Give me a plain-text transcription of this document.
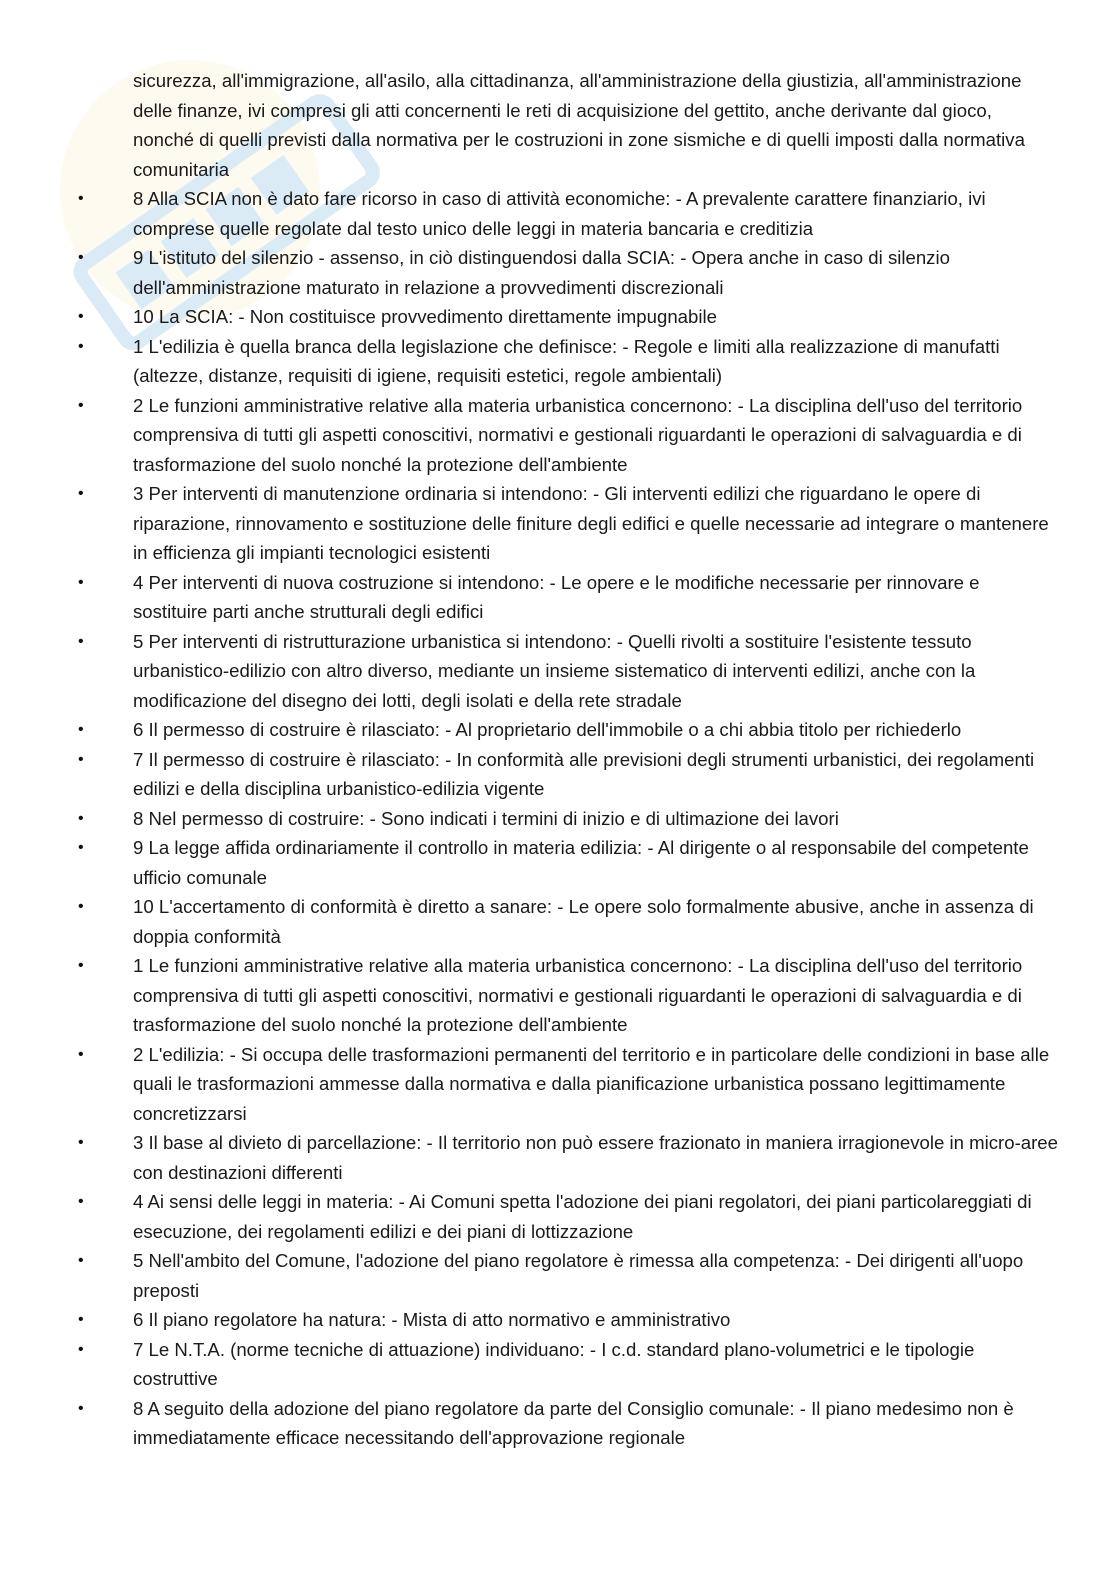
sicurezza, all'immigrazione, all'asilo, alla cittadinanza, all'amministrazione della giustizia, all'amministrazione delle finanze, ivi compresi gli atti concernenti le reti di acquisizione del gettito, anche derivante dal gioco, nonché di quelli previsti dalla normativa per le costruzioni in zone sismiche e di quelli imposti dalla normativa comunitaria

•	8 Alla SCIA non è dato fare ricorso in caso di attività economiche: - A prevalente carattere finanziario, ivi comprese quelle regolate dal testo unico delle leggi in materia bancaria e creditizia

•	9 L'istituto del silenzio - assenso, in ciò distinguendosi dalla SCIA: - Opera anche in caso di silenzio dell'amministrazione maturato in relazione a provvedimenti discrezionali

•	10 La SCIA: - Non costituisce provvedimento direttamente impugnabile

•	1 L'edilizia è quella branca della legislazione che definisce: - Regole e limiti alla realizzazione di manufatti (altezze, distanze, requisiti di igiene, requisiti estetici, regole ambientali)

•	2 Le funzioni amministrative relative alla materia urbanistica concernono: - La disciplina dell'uso del territorio comprensiva di tutti gli aspetti conoscitivi, normativi e gestionali riguardanti le operazioni di salvaguardia e di trasformazione del suolo nonché la protezione dell'ambiente

•	3 Per interventi di manutenzione ordinaria si intendono: - Gli interventi edilizi che riguardano le opere di riparazione, rinnovamento e sostituzione delle finiture degli edifici e quelle necessarie ad integrare o mantenere in efficienza gli impianti tecnologici esistenti

•	4 Per interventi di nuova costruzione si intendono: - Le opere e le modifiche necessarie per rinnovare e sostituire parti anche strutturali degli edifici

•	5 Per interventi di ristrutturazione urbanistica si intendono: - Quelli rivolti a sostituire l'esistente tessuto urbanistico-edilizio con altro diverso, mediante un insieme sistematico di interventi edilizi, anche con la modificazione del disegno dei lotti, degli isolati e della rete stradale

•	6 Il permesso di costruire è rilasciato: - Al proprietario dell'immobile o a chi abbia titolo per richiederlo

•	7 Il permesso di costruire è rilasciato: - In conformità alle previsioni degli strumenti urbanistici, dei regolamenti edilizi e della disciplina urbanistico-edilizia vigente

•	8 Nel permesso di costruire: - Sono indicati i termini di inizio e di ultimazione dei lavori

•	9 La legge affida ordinariamente il controllo in materia edilizia: - Al dirigente o al responsabile del competente ufficio comunale

•	10 L'accertamento di conformità è diretto a sanare: - Le opere solo formalmente abusive, anche in assenza di doppia conformità

•	1 Le funzioni amministrative relative alla materia urbanistica concernono: - La disciplina dell'uso del territorio comprensiva di tutti gli aspetti conoscitivi, normativi e gestionali riguardanti le operazioni di salvaguardia e di trasformazione del suolo nonché la protezione dell'ambiente

•	2 L'edilizia: - Si occupa delle trasformazioni permanenti del territorio e in particolare delle condizioni in base alle quali le trasformazioni ammesse dalla normativa e dalla pianificazione urbanistica possano legittimamente concretizzarsi

•	3 Il base al divieto di parcellazione: - Il territorio non può essere frazionato in maniera irragionevole in micro-aree con destinazioni differenti

•	4 Ai sensi delle leggi in materia: - Ai Comuni spetta l'adozione dei piani regolatori, dei piani particolareggiati di esecuzione, dei regolamenti edilizi e dei piani di lottizzazione

•	5 Nell'ambito del Comune, l'adozione del piano regolatore è rimessa alla competenza: - Dei dirigenti all'uopo preposti

•	6 Il piano regolatore ha natura: - Mista di atto normativo e amministrativo

•	7 Le N.T.A. (norme tecniche di attuazione) individuano: - I c.d. standard plano-volumetrici e le tipologie costruttive

•	8 A seguito della adozione del piano regolatore da parte del Consiglio comunale: - Il piano medesimo non è immediatamente efficace necessitando dell'approvazione regionale
